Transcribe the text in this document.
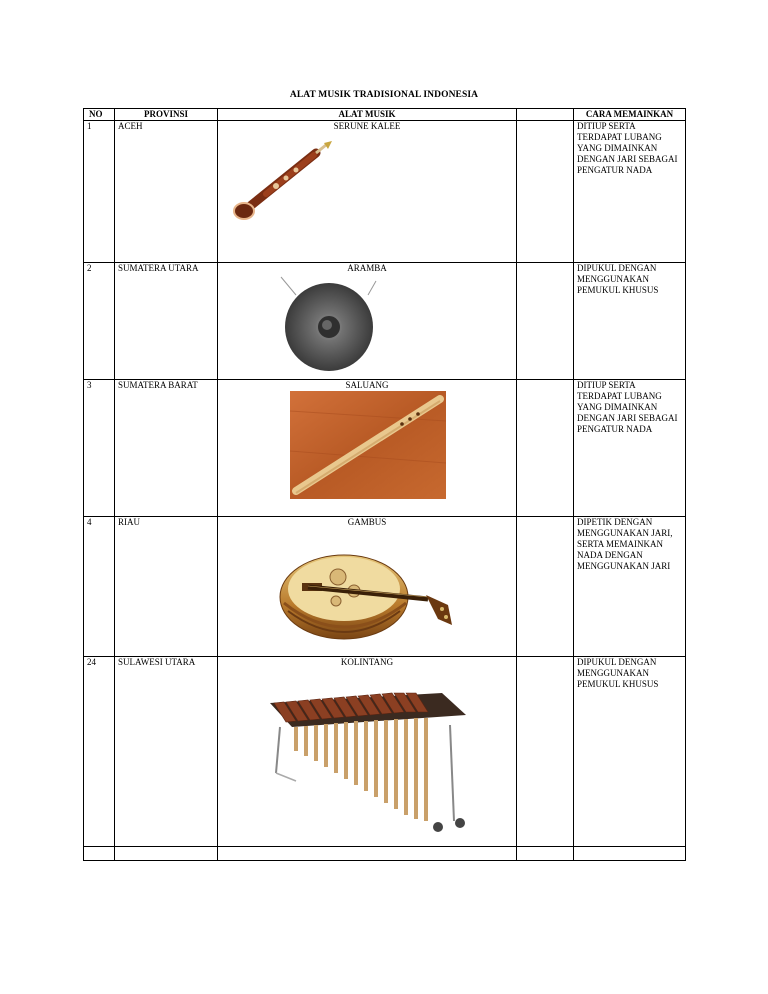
ALAT MUSIK TRADISIONAL INDONESIA
NO	PROVINSI	ALAT MUSIK		CARA MEMAINKAN
1	ACEH	SERUNE KALEE		DITIUP SERTA TERDAPAT LUBANG YANG DIMAINKAN DENGAN JARI SEBAGAI PENGATUR NADA
2	SUMATERA UTARA	ARAMBA		DIPUKUL DENGAN MENGGUNAKAN PEMUKUL KHUSUS
3	SUMATERA BARAT	SALUANG		DITIUP SERTA TERDAPAT LUBANG YANG DIMAINKAN DENGAN JARI SEBAGAI PENGATUR NADA
4	RIAU	GAMBUS		DIPETIK DENGAN MENGGUNAKAN JARI, SERTA MEMAINKAN NADA DENGAN MENGGUNAKAN JARI
24	SULAWESI UTARA	KOLINTANG		DIPUKUL DENGAN MENGGUNAKAN PEMUKUL KHUSUS
